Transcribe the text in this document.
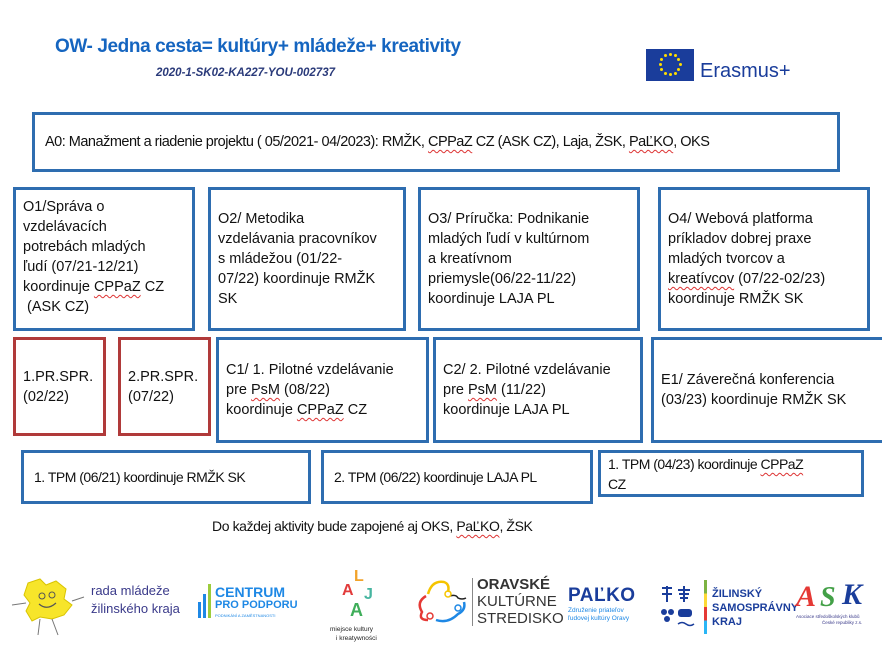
OW- Jedna cesta= kultúry+ mládeže+ kreativity
2020-1-SK02-KA227-YOU-002737	Erasmus+
A0: Manažment a riadenie projektu ( 05/2021- 04/2023): RMŽK, CPPaZ CZ (ASK CZ), Laja, ŽSK, PaĽKO, OKS
O1/Správa o
vzdelávacích
potrebách mladých
ľudí (07/21-12/21)
koordinuje CPPaZ CZ
(ASK CZ)
O2/ Metodika
vzdelávania pracovníkov
s mládežou (01/22-
07/22) koordinuje RMŽK
SK
O3/ Príručka: Podnikanie
mladých ľudí v kultúrnom
a kreatívnom
priemysle(06/22-11/22)
koordinuje LAJA PL
O4/ Webová platforma
príkladov dobrej praxe
mladých tvorcov a
kreatívcov (07/22-02/23)
koordinuje RMŽK SK
1.PR.SPR.
(02/22)
2.PR.SPR.
(07/22)
C1/ 1. Pilotné vzdelávanie
pre PsM (08/22)
koordinuje CPPaZ CZ
C2/ 2. Pilotné vzdelávanie
pre PsM (11/22)
koordinuje LAJA PL
E1/ Záverečná konferencia
(03/23) koordinuje RMŽK SK
1. TPM (06/21) koordinuje RMŽK SK	2. TPM (06/22) koordinuje LAJA PL
1. TPM (04/23) koordinuje CPPaZ
CZ
Do každej aktivity bude zapojené aj OKS, PaĽKO, ŽSK
rada mládeže
žilinského kraja
CENTRUM
PRO PODPORU
PODNIKÁNÍ A ZAMĚSTNANOSTI
L
A J
A
miejsce kultury
i kreatywności
ORAVSKÉ
KULTÚRNE
STREDISKO
PAĽKO
Združenie priateľov
ľudovej kultúry Oravy
ŽILINSKÝ
SAMOSPRÁVNY
KRAJ
A S K
Asociace středoškolských klubů
České republiky z.s.
